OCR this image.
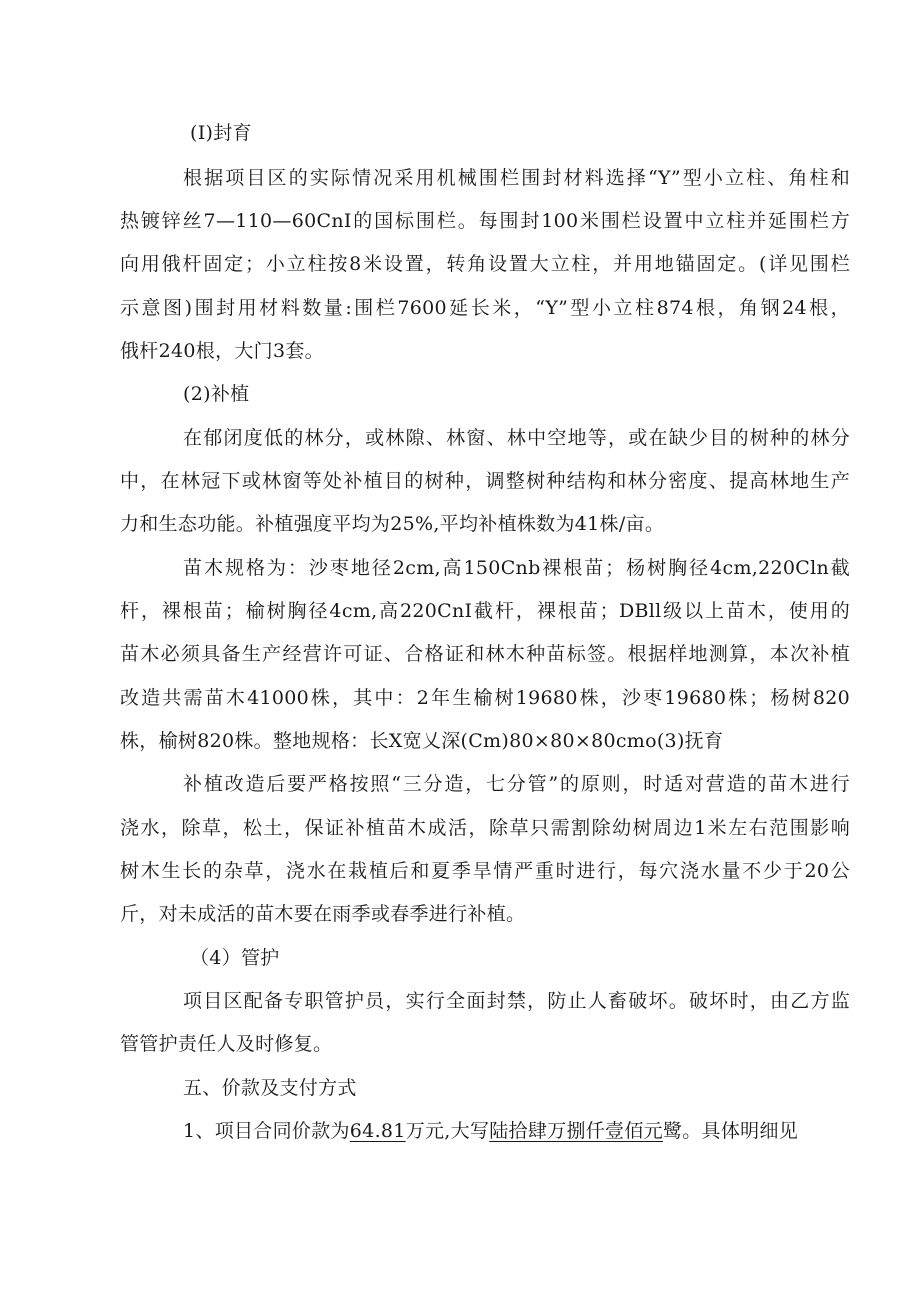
(I)封育
根据项目区的实际情况采用机械围栏围封材料选择“Y”型小立柱、角柱和
热镀锌丝7—110—60CnI的国标围栏。每围封100米围栏设置中立柱并延围栏方
向用俄杆固定；小立柱按8米设置，转角设置大立柱，并用地锚固定。(详见围栏
示意图)围封用材料数量:围栏7600延长米，“Y”型小立柱874根，角钢24根，
俄杆240根，大门3套。
(2)补植
在郁闭度低的林分，或林隙、林窗、林中空地等，或在缺少目的树种的林分
中，在林冠下或林窗等处补植目的树种，调整树种结构和林分密度、提高林地生产
力和生态功能。补植强度平均为25%,平均补植株数为41株/亩。
苗木规格为：沙枣地径2cm,高150Cnb裸根苗；杨树胸径4cm,220Cln截
杆，裸根苗；榆树胸径4cm,高220CnI截杆，裸根苗；DBll级以上苗木，使用的
苗木必须具备生产经营许可证、合格证和林木种苗标签。根据样地测算，本次补植
改造共需苗木41000株，其中：2年生榆树19680株，沙枣19680株；杨树820
株，榆树820株。整地规格：长X宽乂深(Cm)80×80×80cmo(3)抚育
补植改造后要严格按照“三分造，七分管”的原则，时适对营造的苗木进行
浇水，除草，松土，保证补植苗木成活，除草只需割除幼树周边1米左右范围影响
树木生长的杂草，浇水在栽植后和夏季旱情严重时进行，每穴浇水量不少于20公
斤，对未成活的苗木要在雨季或春季进行补植。
（4）管护
项目区配备专职管护员，实行全面封禁，防止人畜破坏。破坏时，由乙方监
管管护责任人及时修复。
五、价款及支付方式
1、项目合同价款为64.81万元,大写陆拾肆万捌仟壹佰元鹭。具体明细见
